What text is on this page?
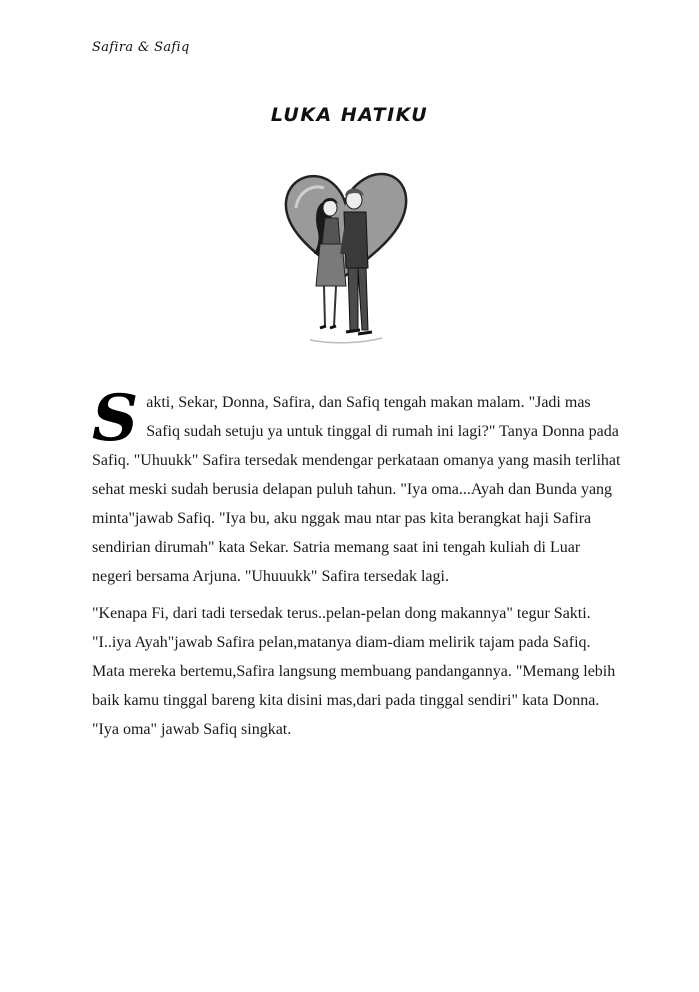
Safira & Safiq
LUKA HATIKU

Sakti, Sekar, Donna, Safira, dan Safiq tengah makan malam. "Jadi mas Safiq sudah setuju ya untuk tinggal di rumah ini lagi?" Tanya Donna pada Safiq. "Uhuukk" Safira tersedak mendengar perkataan omanya yang masih terlihat sehat meski sudah berusia delapan puluh tahun. "Iya oma...Ayah dan Bunda yang minta"jawab Safiq. "Iya bu, aku nggak mau ntar pas kita berangkat haji Safira sendirian dirumah" kata Sekar. Satria memang saat ini tengah kuliah di Luar negeri bersama Arjuna. "Uhuuukk" Safira tersedak lagi.

"Kenapa Fi, dari tadi tersedak terus..pelan-pelan dong makannya" tegur Sakti. "I..iya Ayah"jawab Safira pelan,matanya diam-diam melirik tajam pada Safiq. Mata mereka bertemu,Safira langsung membuang pandangannya. "Memang lebih baik kamu tinggal bareng kita disini mas,dari pada tinggal sendiri" kata Donna. "Iya oma" jawab Safiq singkat.
